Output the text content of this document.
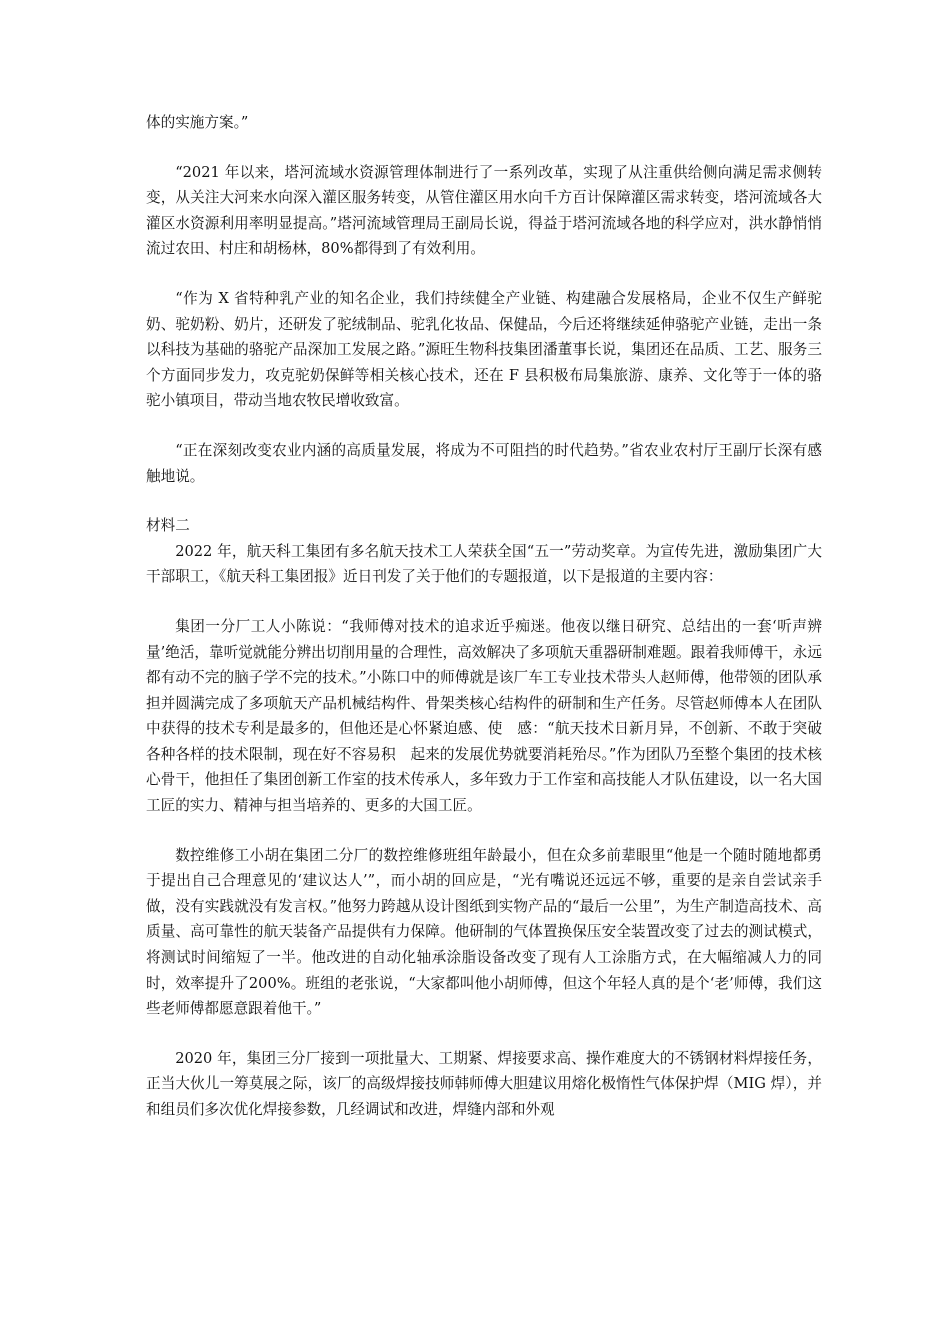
体的实施方案。”

“2021 年以来，塔河流域水资源管理体制进行了一系列改革，实现了从注重供给侧向满足需求侧转变，从关注大河来水向深入灌区服务转变，从管住灌区用水向千方百计保障灌区需求转变，塔河流域各大灌区水资源利用率明显提高。”塔河流域管理局王副局长说，得益于塔河流域各地的科学应对，洪水静悄悄流过农田、村庄和胡杨林，80%都得到了有效利用。

“作为 X 省特种乳产业的知名企业，我们持续健全产业链、构建融合发展格局，企业不仅生产鲜驼奶、驼奶粉、奶片，还研发了驼绒制品、驼乳化妆品、保健品，今后还将继续延伸骆驼产业链，走出一条以科技为基础的骆驼产品深加工发展之路。”源旺生物科技集团潘董事长说，集团还在品质、工艺、服务三个方面同步发力，攻克驼奶保鲜等相关核心技术，还在 F 县积极布局集旅游、康养、文化等于一体的骆驼小镇项目，带动当地农牧民增收致富。

“正在深刻改变农业内涵的高质量发展，将成为不可阻挡的时代趋势。”省农业农村厅王副厅长深有感触地说。

材料二

2022 年，航天科工集团有多名航天技术工人荣获全国“五一”劳动奖章。为宣传先进，激励集团广大干部职工，《航天科工集团报》近日刊发了关于他们的专题报道，以下是报道的主要内容：

集团一分厂工人小陈说：“我师傅对技术的追求近乎痴迷。他夜以继日研究、总结出的一套‘听声辨量’绝活，靠听觉就能分辨出切削用量的合理性，高效解决了多项航天重器研制难题。跟着我师傅干，永远都有动不完的脑子学不完的技术。”小陈口中的师傅就是该厂车工专业技术带头人赵师傅，他带领的团队承担并圆满完成了多项航天产品机械结构件、骨架类核心结构件的研制和生产任务。尽管赵师傅本人在团队中获得的技术专利是最多的，但他还是心怀紧迫感、使　感：“航天技术日新月异，不创新、不敢于突破各种各样的技术限制，现在好不容易积　起来的发展优势就要消耗殆尽。”作为团队乃至整个集团的技术核心骨干，他担任了集团创新工作室的技术传承人，多年致力于工作室和高技能人才队伍建设，以一名大国工匠的实力、精神与担当培养的、更多的大国工匠。

数控维修工小胡在集团二分厂的数控维修班组年龄最小，但在众多前辈眼里“他是一个随时随地都勇于提出自己合理意见的‘建议达人’”，而小胡的回应是，“光有嘴说还远远不够，重要的是亲自尝试亲手做，没有实践就没有发言权。”他努力跨越从设计图纸到实物产品的“最后一公里”，为生产制造高技术、高质量、高可靠性的航天装备产品提供有力保障。他研制的气体置换保压安全装置改变了过去的测试模式，将测试时间缩短了一半。他改进的自动化轴承涂脂设备改变了现有人工涂脂方式，在大幅缩减人力的同时，效率提升了200%。班组的老张说，“大家都叫他小胡师傅，但这个年轻人真的是个‘老’师傅，我们这些老师傅都愿意跟着他干。”

2020 年，集团三分厂接到一项批量大、工期紧、焊接要求高、操作难度大的不锈钢材料焊接任务，正当大伙儿一筹莫展之际，该厂的高级焊接技师韩师傅大胆建议用熔化极惰性气体保护焊（MIG 焊），并和组员们多次优化焊接参数，几经调试和改进，焊缝内部和外观
